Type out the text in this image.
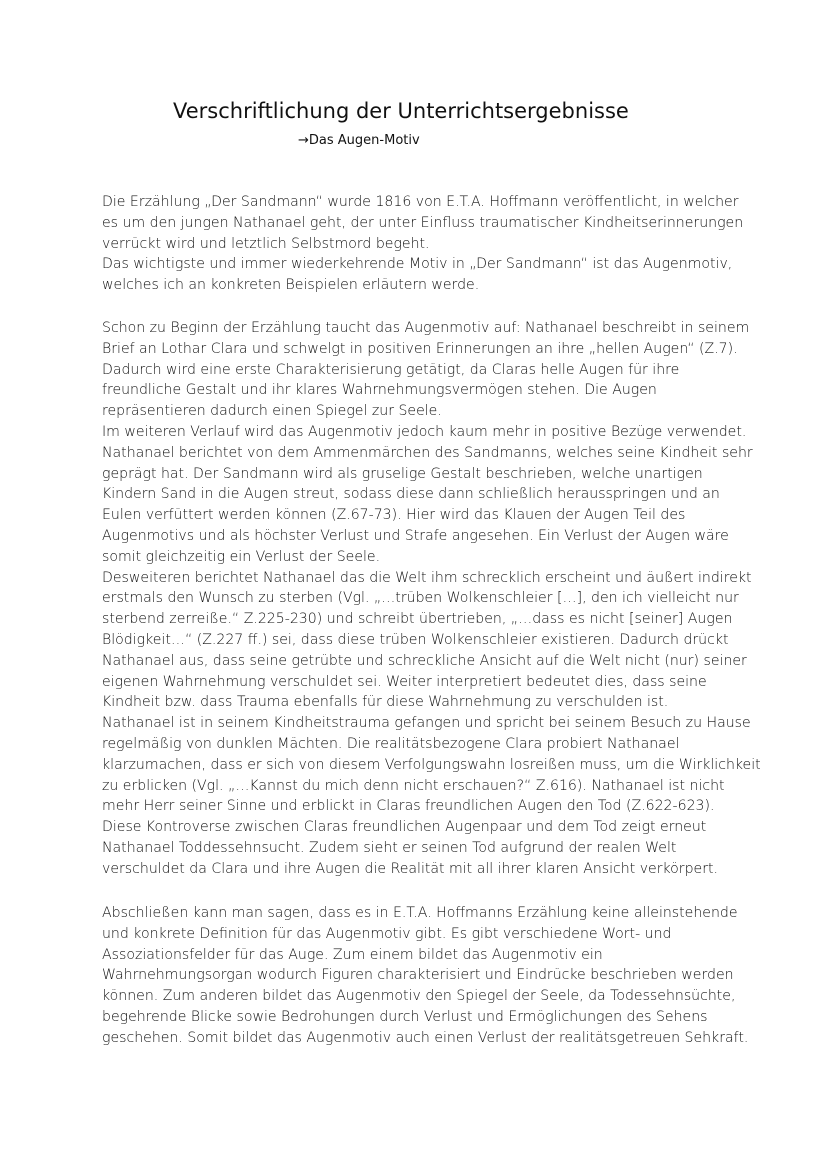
Verschriftlichung der Unterrichtsergebnisse
→Das Augen-Motiv
Die Erzählung „Der Sandmann“ wurde 1816 von E.T.A. Hoffmann veröffentlicht, in welcher
es um den jungen Nathanael geht, der unter Einfluss traumatischer Kindheitserinnerungen
verrückt wird und letztlich Selbstmord begeht.
Das wichtigste und immer wiederkehrende Motiv in „Der Sandmann“ ist das Augenmotiv,
welches ich an konkreten Beispielen erläutern werde.
Schon zu Beginn der Erzählung taucht das Augenmotiv auf: Nathanael beschreibt in seinem
Brief an Lothar Clara und schwelgt in positiven Erinnerungen an ihre „hellen Augen“ (Z.7).
Dadurch wird eine erste Charakterisierung getätigt, da Claras helle Augen für ihre
freundliche Gestalt und ihr klares Wahrnehmungsvermögen stehen. Die Augen
repräsentieren dadurch einen Spiegel zur Seele.
Im weiteren Verlauf wird das Augenmotiv jedoch kaum mehr in positive Bezüge verwendet.
Nathanael berichtet von dem Ammenmärchen des Sandmanns, welches seine Kindheit sehr
geprägt hat. Der Sandmann wird als gruselige Gestalt beschrieben, welche unartigen
Kindern Sand in die Augen streut, sodass diese dann schließlich herausspringen und an
Eulen verfüttert werden können (Z.67-73). Hier wird das Klauen der Augen Teil des
Augenmotivs und als höchster Verlust und Strafe angesehen. Ein Verlust der Augen wäre
somit gleichzeitig ein Verlust der Seele.
Desweiteren berichtet Nathanael das die Welt ihm schrecklich erscheint und äußert indirekt
erstmals den Wunsch zu sterben (Vgl. „…trüben Wolkenschleier […], den ich vielleicht nur
sterbend zerreiße.“ Z.225-230) und schreibt übertrieben, „…dass es nicht [seiner] Augen
Blödigkeit…“ (Z.227 ff.) sei, dass diese trüben Wolkenschleier existieren. Dadurch drückt
Nathanael aus, dass seine getrübte und schreckliche Ansicht auf die Welt nicht (nur) seiner
eigenen Wahrnehmung verschuldet sei. Weiter interpretiert bedeutet dies, dass seine
Kindheit bzw. dass Trauma ebenfalls für diese Wahrnehmung zu verschulden ist.
Nathanael ist in seinem Kindheitstrauma gefangen und spricht bei seinem Besuch zu Hause
regelmäßig von dunklen Mächten. Die realitätsbezogene Clara probiert Nathanael
klarzumachen, dass er sich von diesem Verfolgungswahn losreißen muss, um die Wirklichkeit
zu erblicken (Vgl. „…Kannst du mich denn nicht erschauen?“ Z.616). Nathanael ist nicht
mehr Herr seiner Sinne und erblickt in Claras freundlichen Augen den Tod (Z.622-623).
Diese Kontroverse zwischen Claras freundlichen Augenpaar und dem Tod zeigt erneut
Nathanael Toddessehnsucht. Zudem sieht er seinen Tod aufgrund der realen Welt
verschuldet da Clara und ihre Augen die Realität mit all ihrer klaren Ansicht verkörpert.
Abschließen kann man sagen, dass es in E.T.A. Hoffmanns Erzählung keine alleinstehende
und konkrete Definition für das Augenmotiv gibt. Es gibt verschiedene Wort- und
Assoziationsfelder für das Auge. Zum einem bildet das Augenmotiv ein
Wahrnehmungsorgan wodurch Figuren charakterisiert und Eindrücke beschrieben werden
können. Zum anderen bildet das Augenmotiv den Spiegel der Seele, da Todessehnsüchte,
begehrende Blicke sowie Bedrohungen durch Verlust und Ermöglichungen des Sehens
geschehen. Somit bildet das Augenmotiv auch einen Verlust der realitätsgetreuen Sehkraft.
